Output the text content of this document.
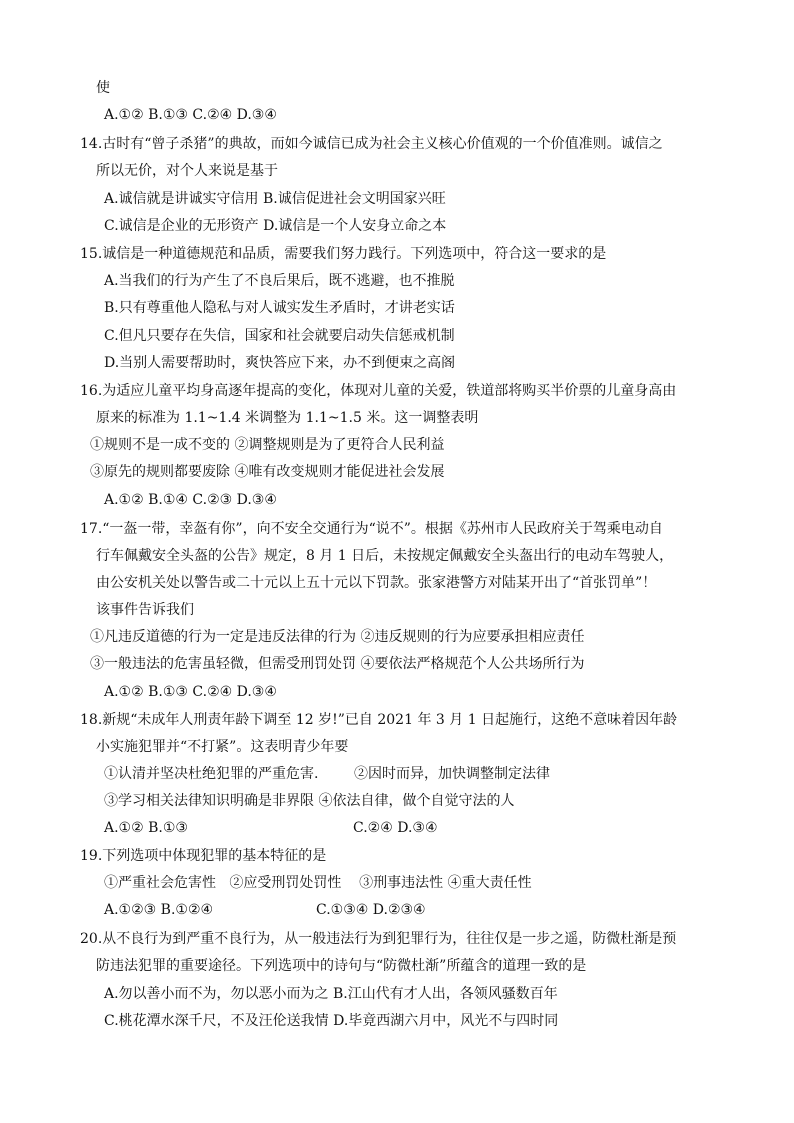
使
A.①② B.①③ C.②④ D.③④
14.古时有“曾子杀猪”的典故，而如今诚信已成为社会主义核心价值观的一个价值准则。诚信之
所以无价，对个人来说是基于
A.诚信就是讲诚实守信用 B.诚信促进社会文明国家兴旺
C.诚信是企业的无形资产 D.诚信是一个人安身立命之本
15.诚信是一种道德规范和品质，需要我们努力践行。下列选项中，符合这一要求的是
A.当我们的行为产生了不良后果后，既不逃避，也不推脱
B.只有尊重他人隐私与对人诚实发生矛盾时，才讲老实话
C.但凡只要存在失信，国家和社会就要启动失信惩戒机制
D.当别人需要帮助时，爽快答应下来，办不到便束之高阁
16.为适应儿童平均身高逐年提高的变化，体现对儿童的关爱，铁道部将购买半价票的儿童身高由
原来的标准为 1.1~1.4 米调整为 1.1~1.5 米。这一调整表明
①规则不是一成不变的 ②调整规则是为了更符合人民利益
③原先的规则都要废除 ④唯有改变规则才能促进社会发展
A.①② B.①④ C.②③ D.③④
17.“一盔一带，幸盔有你”，向不安全交通行为“说不”。根据《苏州市人民政府关于驾乘电动自
行车佩戴安全头盔的公告》规定，8 月 1 日后，未按规定佩戴安全头盔出行的电动车驾驶人，
由公安机关处以警告或二十元以上五十元以下罚款。张家港警方对陆某开出了“首张罚单”！
该事件告诉我们
①凡违反道德的行为一定是违反法律的行为 ②违反规则的行为应要承担相应责任
③一般违法的危害虽轻微，但需受刑罚处罚 ④要依法严格规范个人公共场所行为
A.①② B.①③ C.②④ D.③④
18.新规“未成年人刑责年龄下调至 12 岁!”已自 2021 年 3 月 1 日起施行，这绝不意味着因年龄
小实施犯罪并“不打紧”。这表明青少年要
①认清并坚决杜绝犯罪的严重危害.        ②因时而异，加快调整制定法律
③学习相关法律知识明确是非界限 ④依法自律，做个自觉守法的人
A.①② B.①③	C.②④ D.③④
19.下列选项中体现犯罪的基本特征的是
①严重社会危害性   ②应受刑罚处罚性    ③刑事违法性 ④重大责任性
A.①②③ B.①②④	C.①③④ D.②③④
20.从不良行为到严重不良行为，从一般违法行为到犯罪行为，往往仅是一步之遥，防微杜渐是预
防违法犯罪的重要途径。下列选项中的诗句与“防微杜渐”所蕴含的道理一致的是
A.勿以善小而不为，勿以恶小而为之 B.江山代有才人出，各领风骚数百年
C.桃花潭水深千尺，不及汪伦送我情 D.毕竟西湖六月中，风光不与四时同
